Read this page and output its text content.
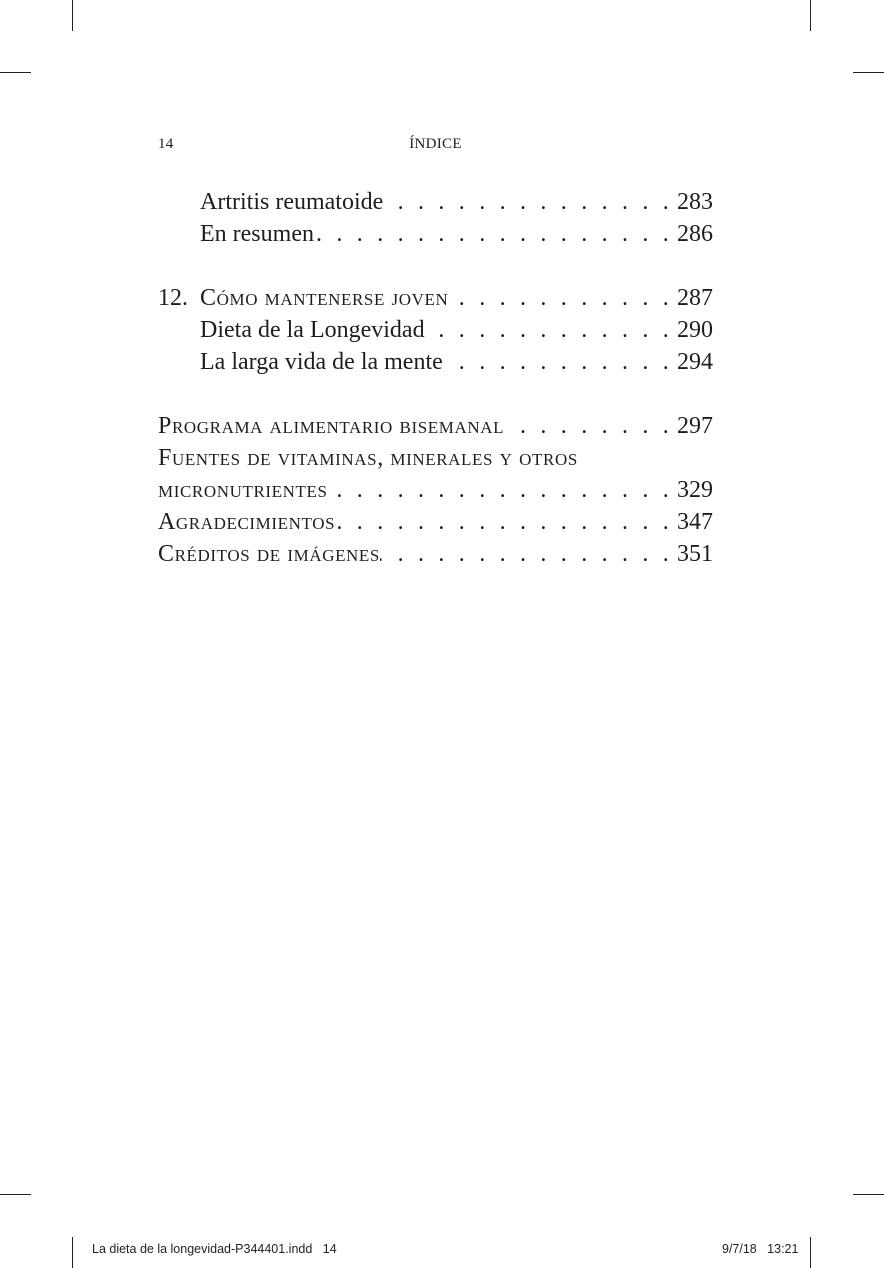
14	ÍNDICE
Artritis reumatoide . . .	283
En resumen . . .	286
12. Cómo mantenerse joven . . .	287
Dieta de la Longevidad . . .	290
La larga vida de la mente . . .	294
Programa alimentario bisemanal . . .	297
Fuentes de vitaminas, minerales y otros
micronutrientes . . .	329
Agradecimientos . . .	347
Créditos de imágenes . . .	351
La dieta de la longevidad-P344401.indd   14	9/7/18   13:21
